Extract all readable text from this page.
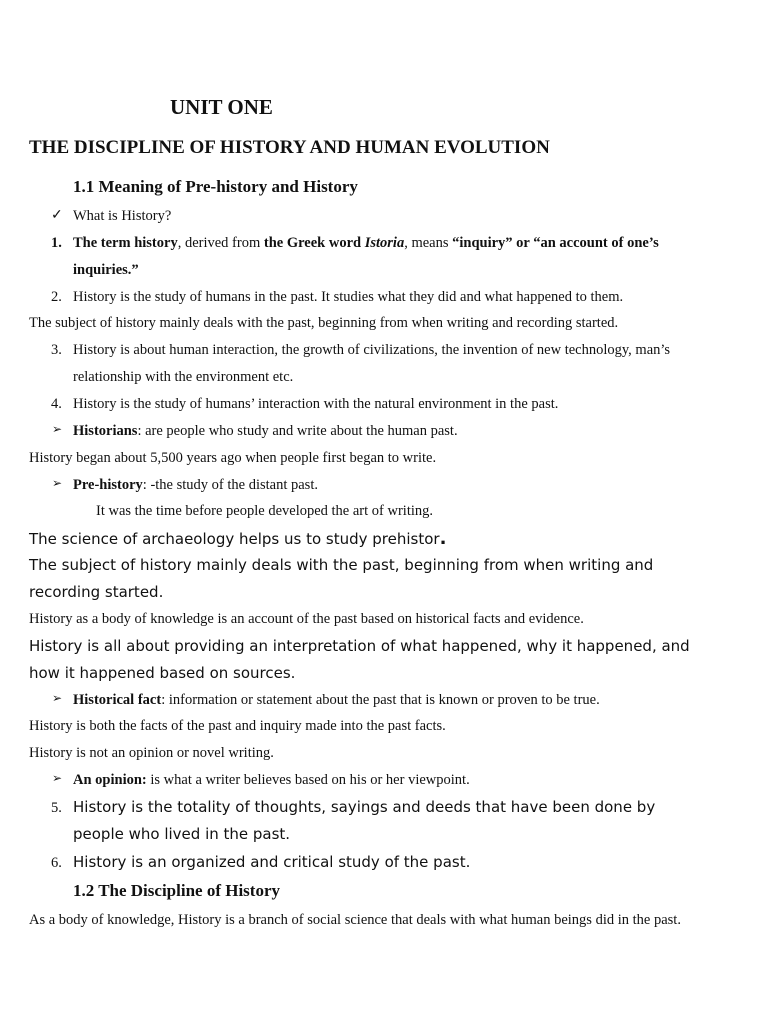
UNIT ONE
THE DISCIPLINE OF HISTORY AND HUMAN EVOLUTION
1.1 Meaning of Pre-history and History
✓ What is History?
1. The term history, derived from the Greek word Istoria, means “inquiry” or “an account of one’s
inquiries.”
2. History is the study of humans in the past. It studies what they did and what happened to them.
The subject of history mainly deals with the past, beginning from when writing and recording started.
3. History is about human interaction, the growth of civilizations, the invention of new technology, man’s
relationship with the environment etc.
4. History is the study of humans’ interaction with the natural environment in the past.
➢ Historians: are people who study and write about the human past.
History began about 5,500 years ago when people first began to write.
➢ Pre-history: -the study of the distant past.
It was the time before people developed the art of writing.
The science of archaeology helps us to study prehistor.
The subject of history mainly deals with the past, beginning from when writing and
recording started.
History as a body of knowledge is an account of the past based on historical facts and evidence.
History is all about providing an interpretation of what happened, why it happened, and
how it happened based on sources.
➢ Historical fact: information or statement about the past that is known or proven to be true.
History is both the facts of the past and inquiry made into the past facts.
History is not an opinion or novel writing.
➢ An opinion: is what a writer believes based on his or her viewpoint.
5. History is the totality of thoughts, sayings and deeds that have been done by
people who lived in the past.
6. History is an organized and critical study of the past.
1.2 The Discipline of History
As a body of knowledge, History is a branch of social science that deals with what human beings did in the past.
